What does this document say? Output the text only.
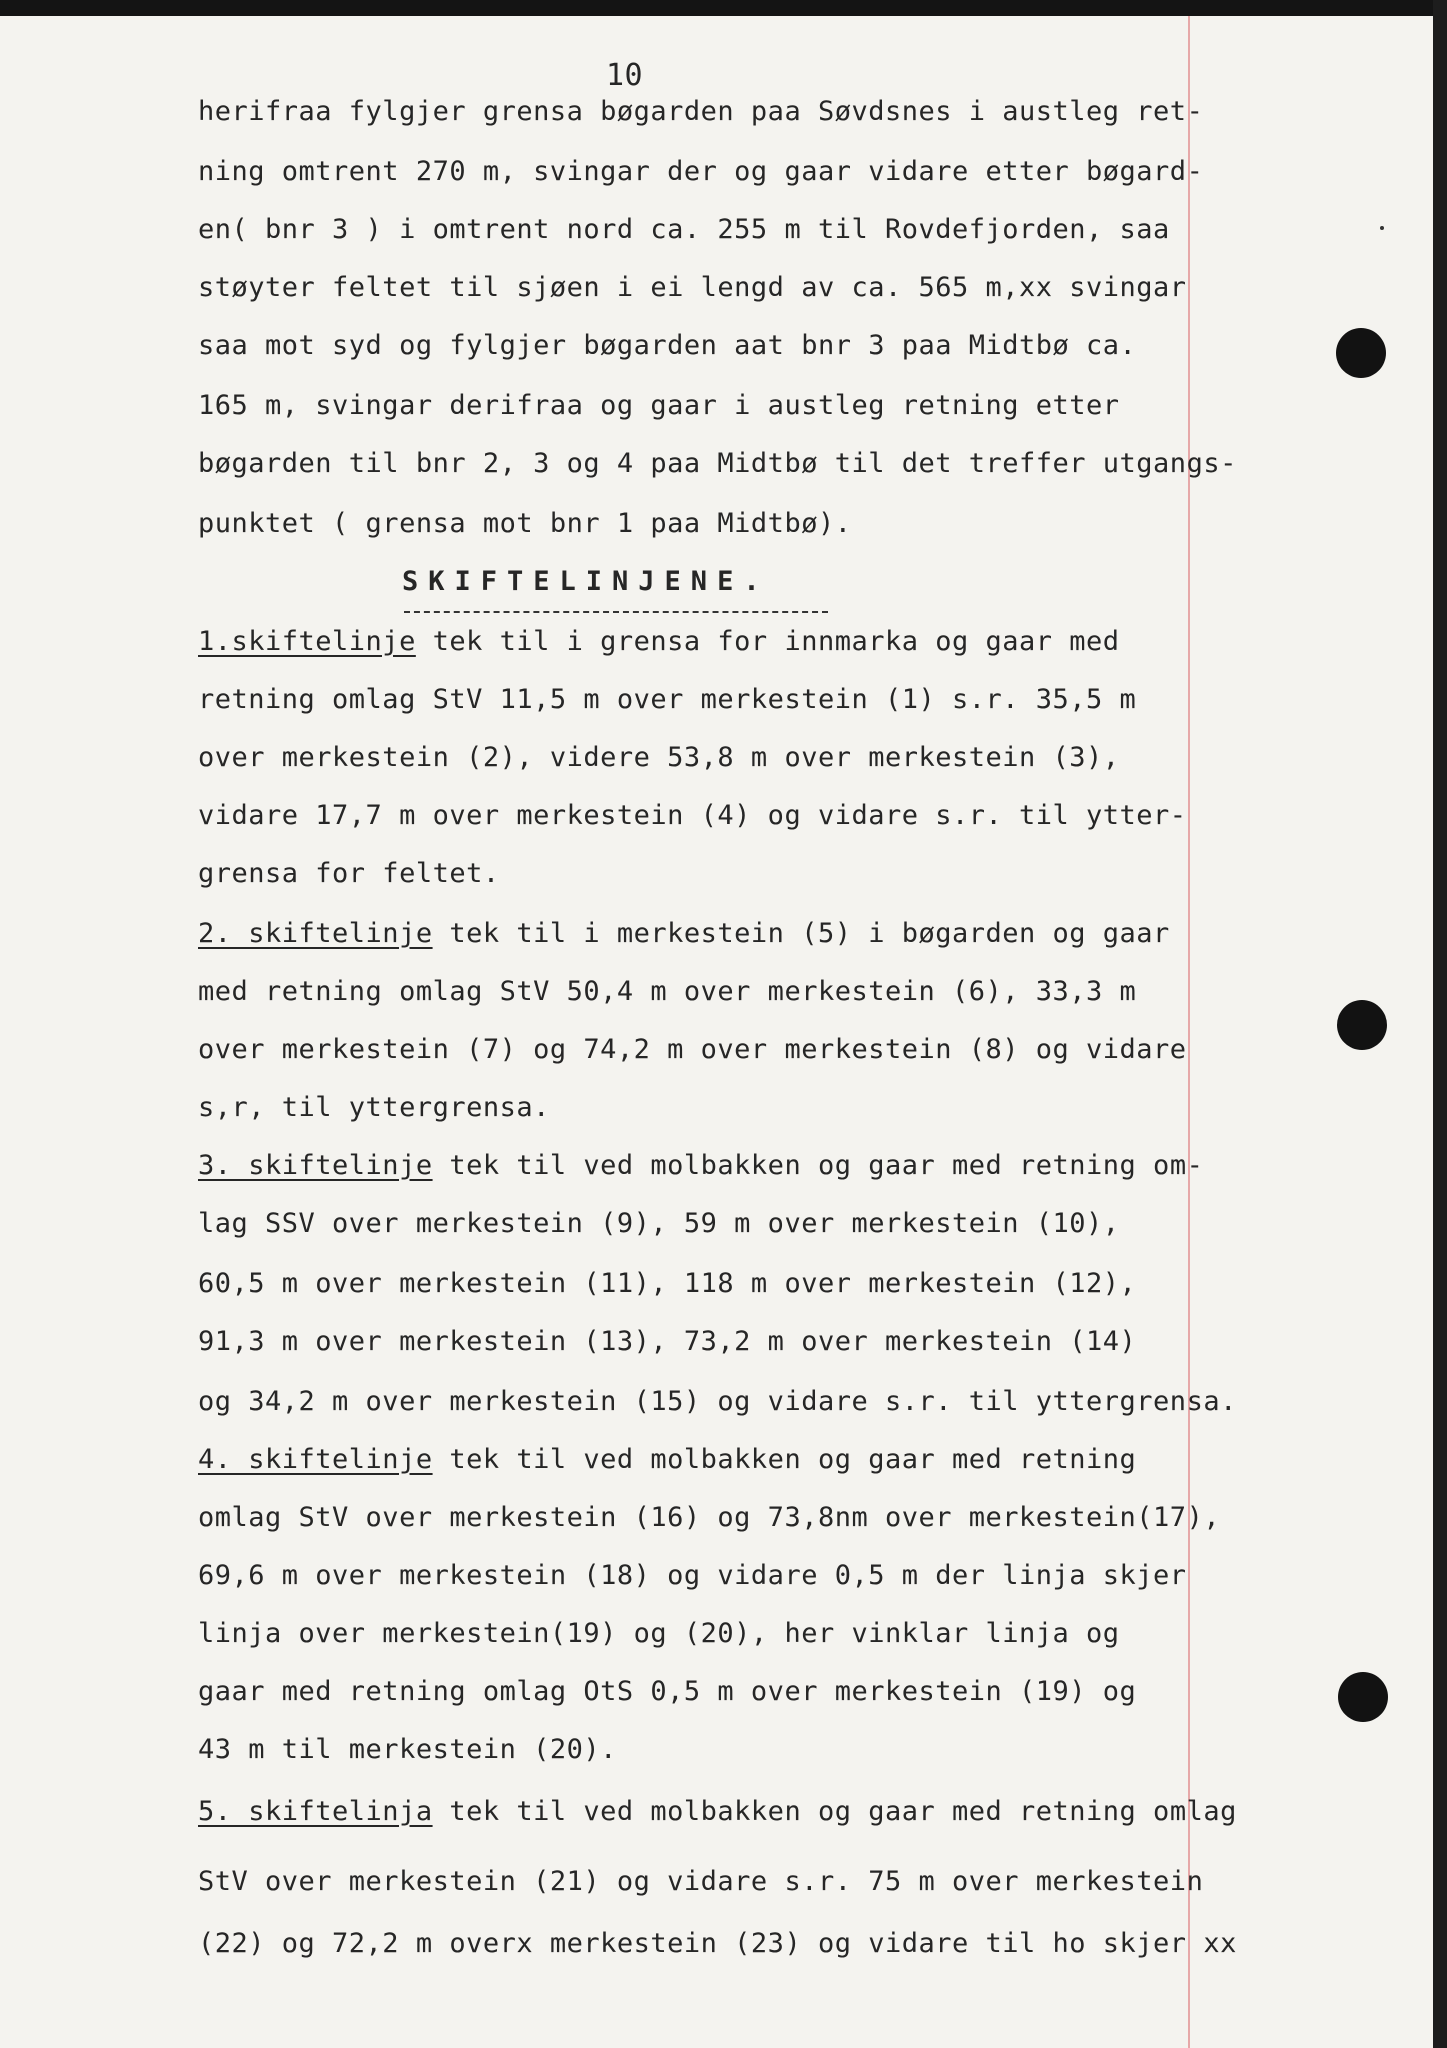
10
herifraa fylgjer grensa bøgarden paa Søvdsnes i austleg ret-
ning omtrent 270 m, svingar der og gaar vidare etter bøgard-
en( bnr 3 ) i omtrent nord ca. 255 m til Rovdefjorden, saa
støyter feltet til sjøen i ei lengd av ca. 565 m,xx svingar
saa mot syd og fylgjer bøgarden aat bnr 3 paa Midtbø ca.
165 m, svingar derifraa og gaar i austleg retning etter
bøgarden til bnr 2, 3 og 4 paa Midtbø til det treffer utgangs-
punktet ( grensa mot bnr 1 paa Midtbø).
SKIFTELINJENE.
1.skiftelinje tek til i grensa for innmarka og gaar med
retning omlag StV 11,5 m over merkestein (1) s.r. 35,5 m
over merkestein (2), videre 53,8 m over merkestein (3),
vidare 17,7 m over merkestein (4) og vidare s.r. til ytter-
grensa for feltet.
2. skiftelinje tek til i merkestein (5) i bøgarden og gaar
med retning omlag StV 50,4 m over merkestein (6), 33,3 m
over merkestein (7) og 74,2 m over merkestein (8) og vidare
s,r, til yttergrensa.
3. skiftelinje tek til ved molbakken og gaar med retning om-
lag SSV over merkestein (9), 59 m over merkestein (10),
60,5 m over merkestein (11), 118 m over merkestein (12),
91,3 m over merkestein (13), 73,2 m over merkestein (14)
og 34,2 m over merkestein (15) og vidare s.r. til yttergrensa.
4. skiftelinje tek til ved molbakken og gaar med retning
omlag StV over merkestein (16) og 73,8nm over merkestein(17),
69,6 m over merkestein (18) og vidare 0,5 m der linja skjer
linja over merkestein(19) og (20), her vinklar linja og
gaar med retning omlag OtS 0,5 m over merkestein (19) og
43 m til merkestein (20).
5. skiftelinja tek til ved molbakken og gaar med retning omlag
StV over merkestein (21) og vidare s.r. 75 m over merkestein
(22) og 72,2 m overx merkestein (23) og vidare til ho skjer xx
